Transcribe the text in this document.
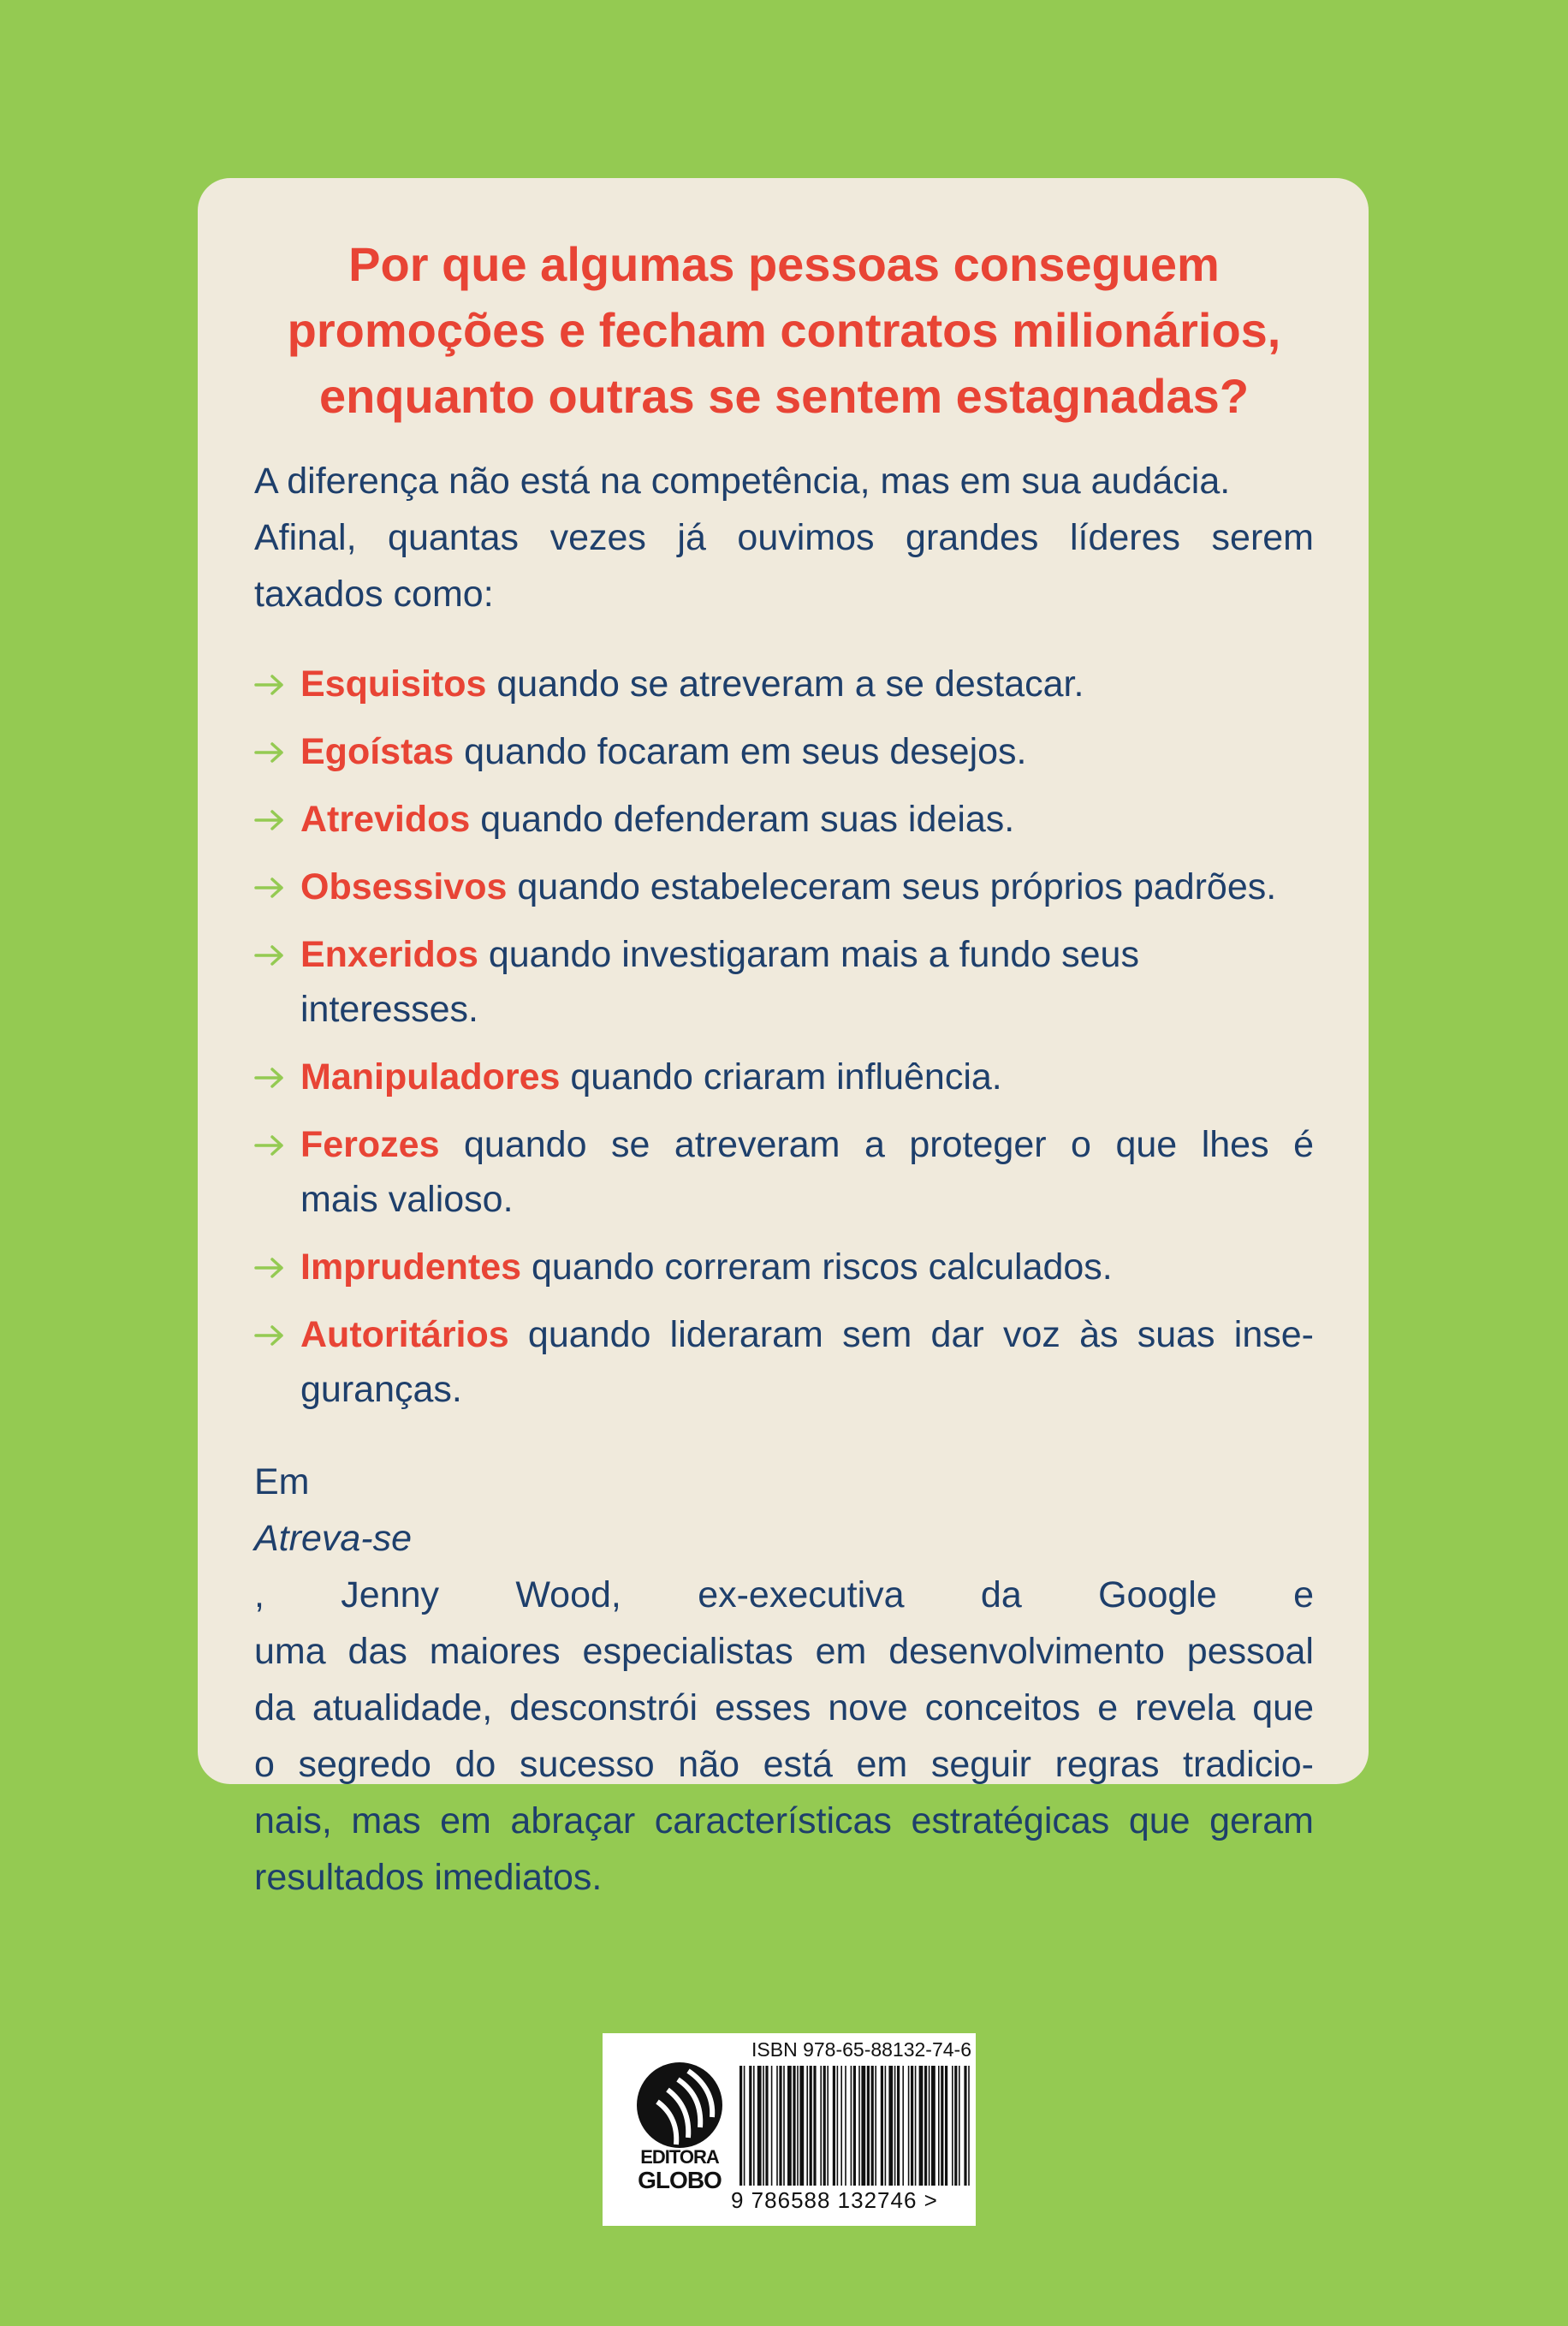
Por que algumas pessoas conseguem
promoções e fecham contratos milionários,
enquanto outras se sentem estagnadas?

A diferença não está na competência, mas em sua audácia.
Afinal, quantas vezes já ouvimos grandes líderes serem
taxados como:

Esquisitos quando se atreveram a se destacar.
Egoístas quando focaram em seus desejos.
Atrevidos quando defenderam suas ideias.
Obsessivos quando estabeleceram seus próprios padrões.
Enxeridos quando investigaram mais a fundo seus interesses.
Manipuladores quando criaram influência.
Ferozes quando se atreveram a proteger o que lhes é
mais valioso.
Imprudentes quando correram riscos calculados.
Autoritários quando lideraram sem dar voz às suas inse-
guranças.

Em
Atreva-se
, Jenny Wood, ex-executiva da Google e
uma das maiores especialistas em desenvolvimento pessoal
da atualidade, desconstrói esses nove conceitos e revela que
o segredo do sucesso não está em seguir regras tradicio-
nais, mas em abraçar características estratégicas que geram
resultados imediatos.

ISBN 978-65-88132-74-6
EDITORA
GLOBO
9 786588 132746 >
